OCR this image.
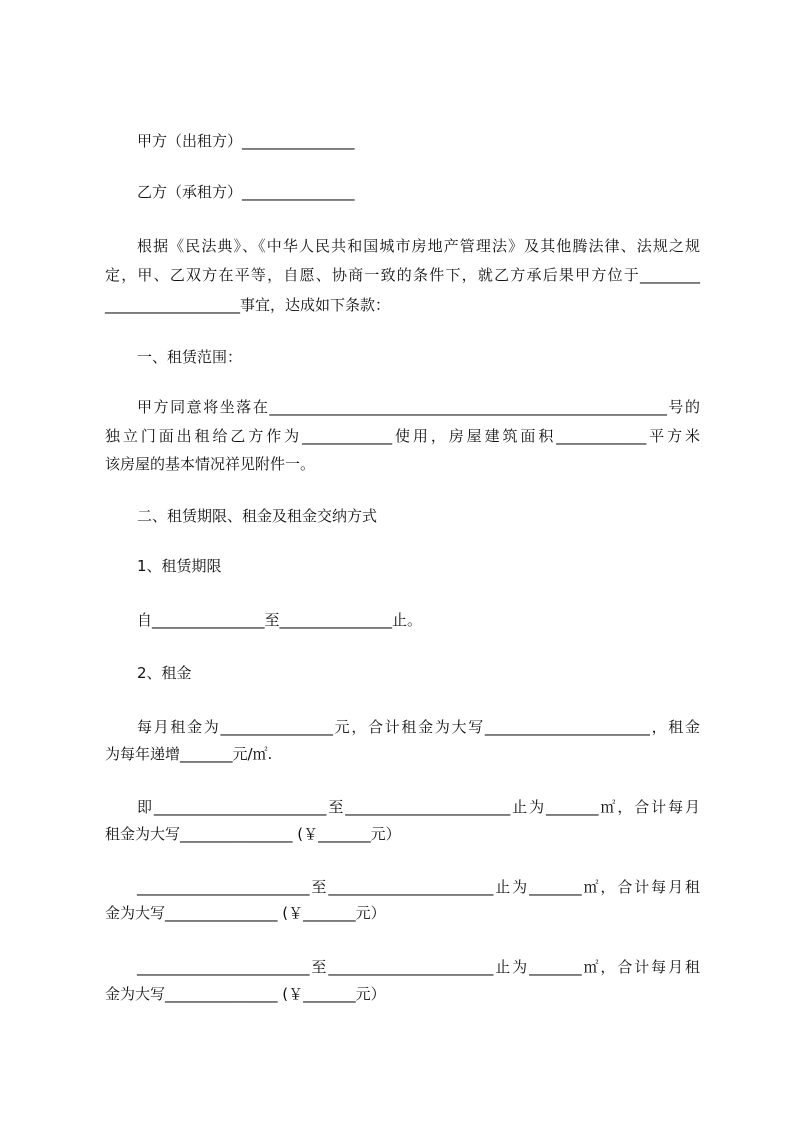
甲方（出租方）_______________
乙方（承租方）_______________
根据《民法典》、《中华人民共和国城市房地产管理法》及其他腾法律、法规之规
定，甲、乙双方在平等，自愿、协商一致的条件下，就乙方承后果甲方位于________
__________________事宜，达成如下条款：
一、租赁范围：
甲方同意将坐落在_____________________________________________________号的
独立门面出租给乙方作为____________使用，房屋建筑面积____________平方米
该房屋的基本情况祥见附件一。
二、租赁期限、租金及租金交纳方式
1、租赁期限
自_______________至_______________止。
2、租金
每月租金为_______________元，合计租金为大写______________________，租金
为每年递增_______元/㎡.
即_______________________至______________________止为_______㎡，合计每月
租金为大写_______________ (￥_______元）
_______________________至______________________止为_______㎡，合计每月租
金为大写_______________ (￥_______元）
_______________________至______________________止为_______㎡，合计每月租
金为大写_______________ (￥_______元）
